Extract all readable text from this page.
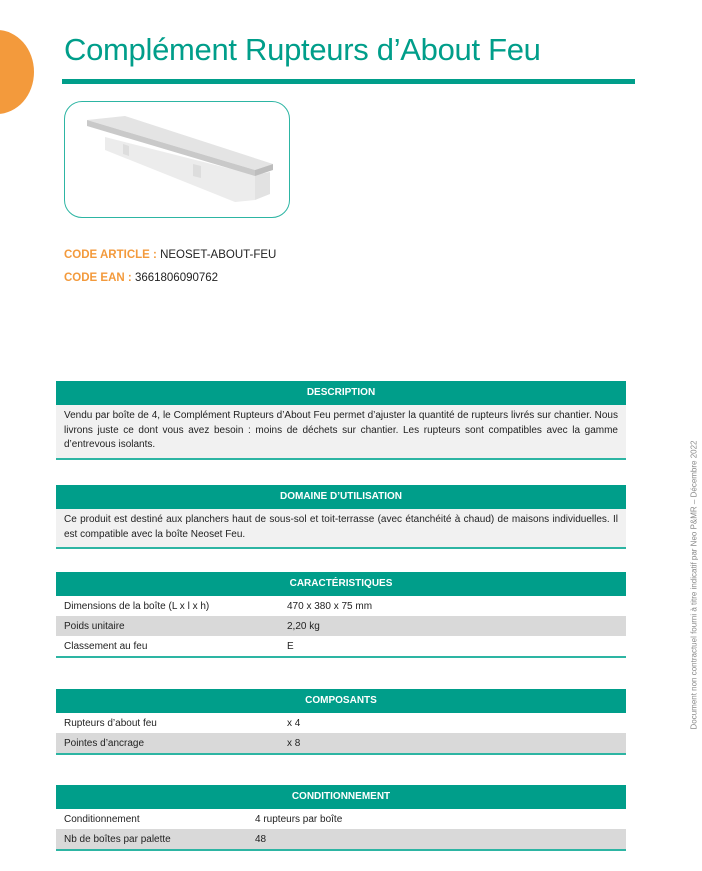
Complément Rupteurs d’About Feu
CODE ARTICLE : NEOSET-ABOUT-FEU
CODE EAN : 3661806090762
DESCRIPTION
Vendu par boîte de 4, le Complément Rupteurs d’About Feu permet d’ajuster la quantité de rupteurs livrés sur chantier. Nous livrons juste ce dont vous avez besoin : moins de déchets sur chantier. Les rupteurs sont compatibles avec la gamme d’entrevous isolants.
DOMAINE D’UTILISATION
Ce produit est destiné aux planchers haut de sous-sol et toit-terrasse (avec étanchéité à chaud) de maisons individuelles. Il est compatible avec la boîte Neoset Feu.
CARACTÉRISTIQUES
Dimensions de la boîte (L x l x h)	470 x 380 x 75 mm
Poids unitaire	2,20 kg
Classement au feu	E
COMPOSANTS
Rupteurs d’about feu	x 4
Pointes d’ancrage	x 8
CONDITIONNEMENT
Conditionnement	4 rupteurs par boîte
Nb de boîtes par palette	48
Document non contractuel fourni à titre indicatif par Neo P&MR – Décembre 2022
